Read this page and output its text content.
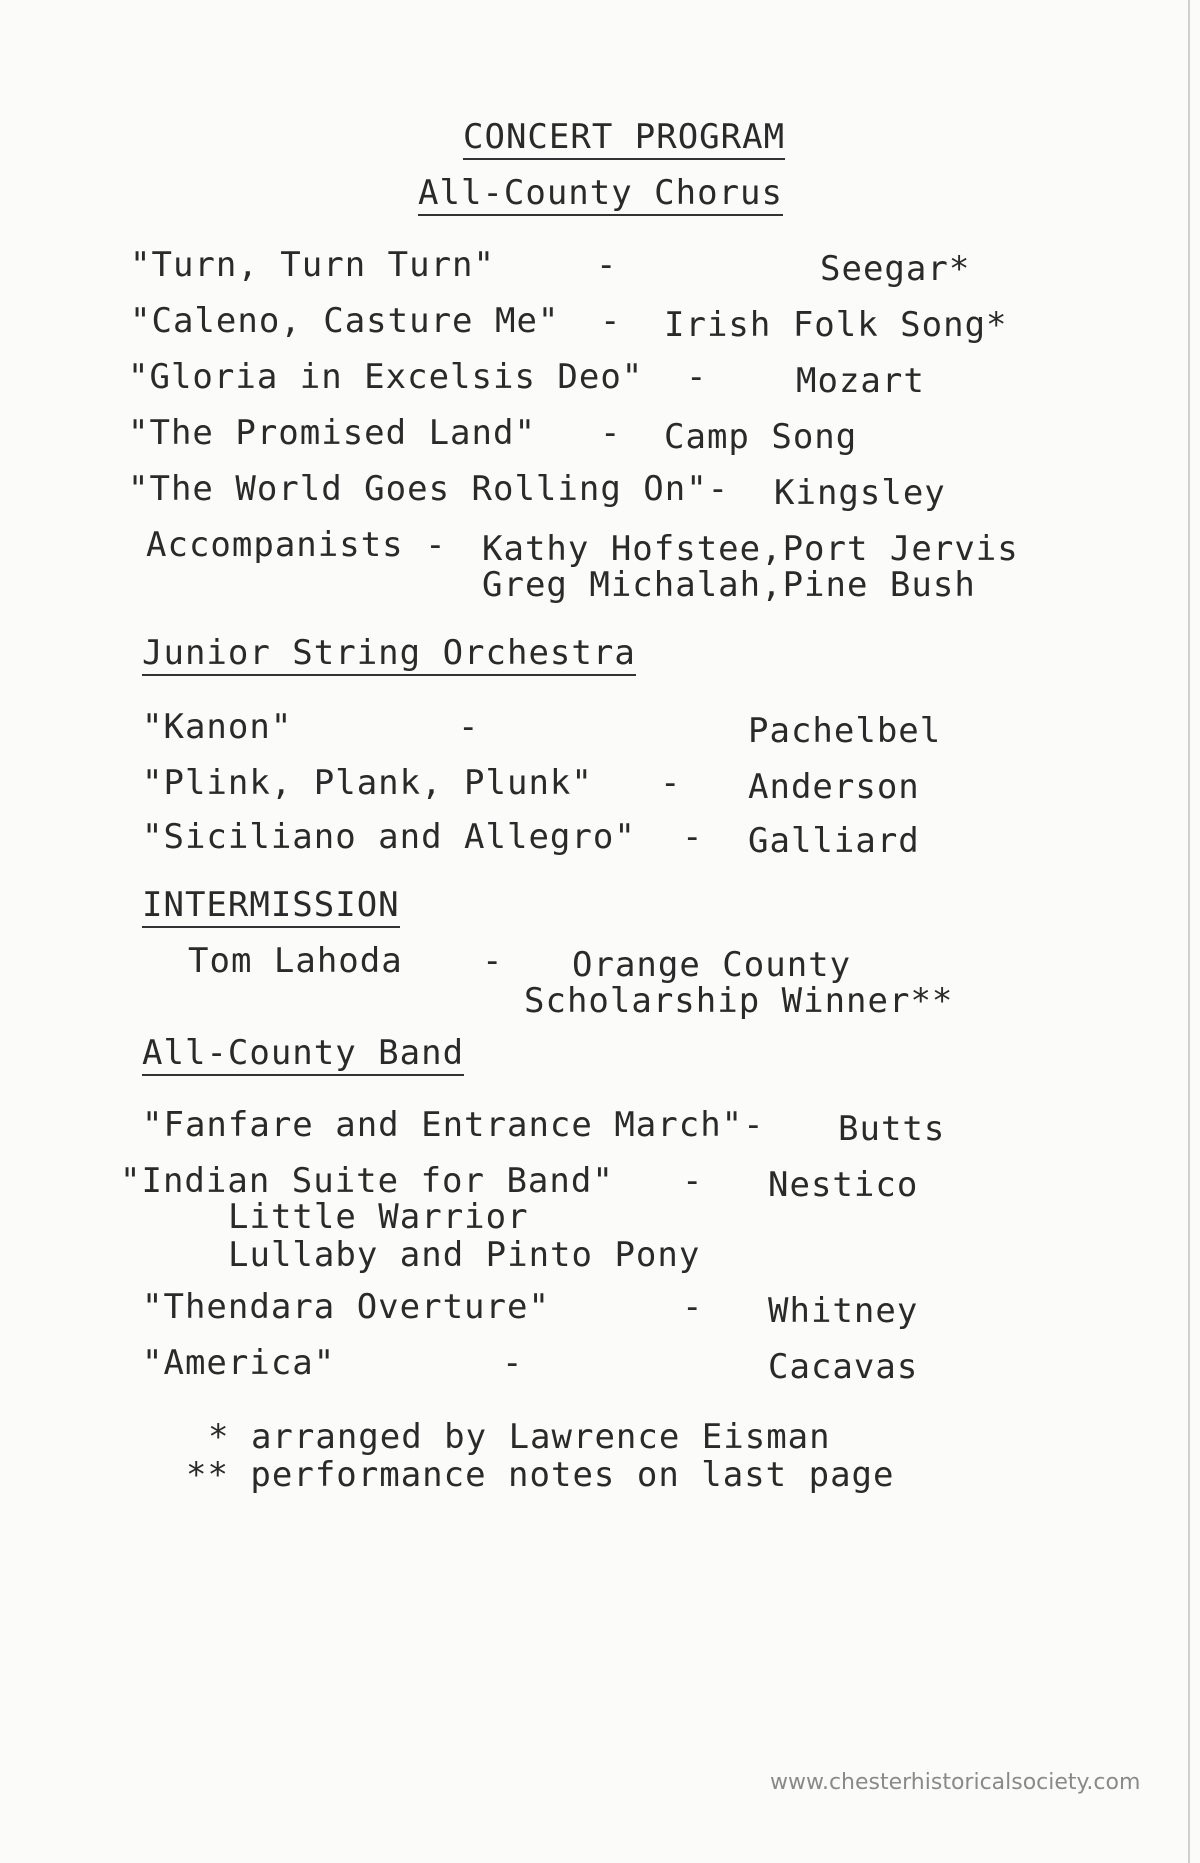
CONCERT PROGRAM
All-County Chorus
"Turn, Turn Turn"	-	Seegar*
"Caleno, Casture Me" - Irish Folk Song*
"Gloria in Excelsis Deo" -	Mozart
"The Promised Land" - Camp Song
"The World Goes Rolling On"- Kingsley
Accompanists - Kathy Hofstee,Port Jervis
Greg Michalah,Pine Bush
Junior String Orchestra
"Kanon"	-	Pachelbel
"Plink, Plank, Plunk" - Anderson
"Siciliano and Allegro" - Galliard
INTERMISSION
Tom Lahoda - Orange County
Scholarship Winner**
All-County Band
"Fanfare and Entrance March"- Butts
"Indian Suite for Band" - Nestico
Little Warrior
Lullaby and Pinto Pony
"Thendara Overture"	- Whitney
"America"	-	Cacavas
* arranged by Lawrence Eisman
** performance notes on last page
www.chesterhistoricalsociety.com
